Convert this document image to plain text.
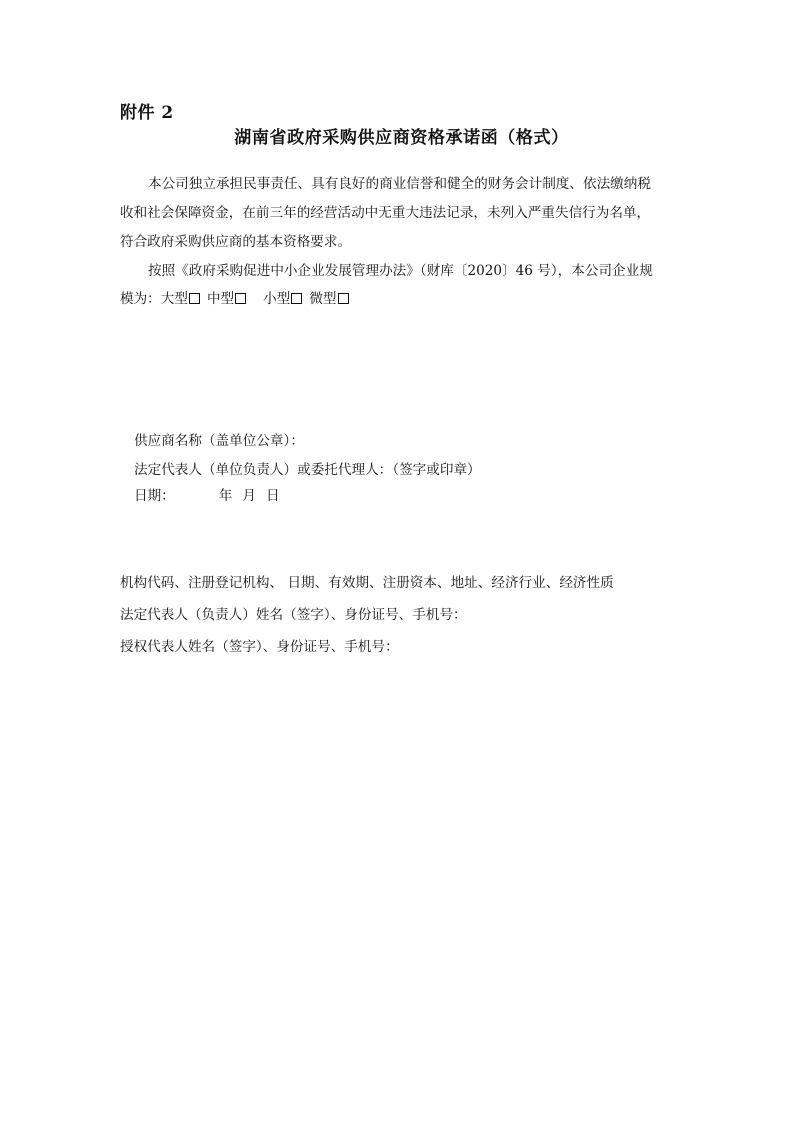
附件 2
湖南省政府采购供应商资格承诺函（格式）
本公司独立承担民事责任、具有良好的商业信誉和健全的财务会计制度、依法缴纳税
收和社会保障资金，在前三年的经营活动中无重大违法记录，未列入严重失信行为名单，
符合政府采购供应商的基本资格要求。
按照《政府采购促进中小企业发展管理办法》（财库〔2020〕46 号），本公司企业规
模为：大型 中型 小型 微型
供应商名称（盖单位公章）：
法定代表人（单位负责人）或委托代理人：（签字或印章）
日期：	年 月 日
机构代码、注册登记机构、 日期、有效期、注册资本、地址、经济行业、经济性质
法定代表人（负责人）姓名（签字）、身份证号、手机号：
授权代表人姓名（签字）、身份证号、手机号：
